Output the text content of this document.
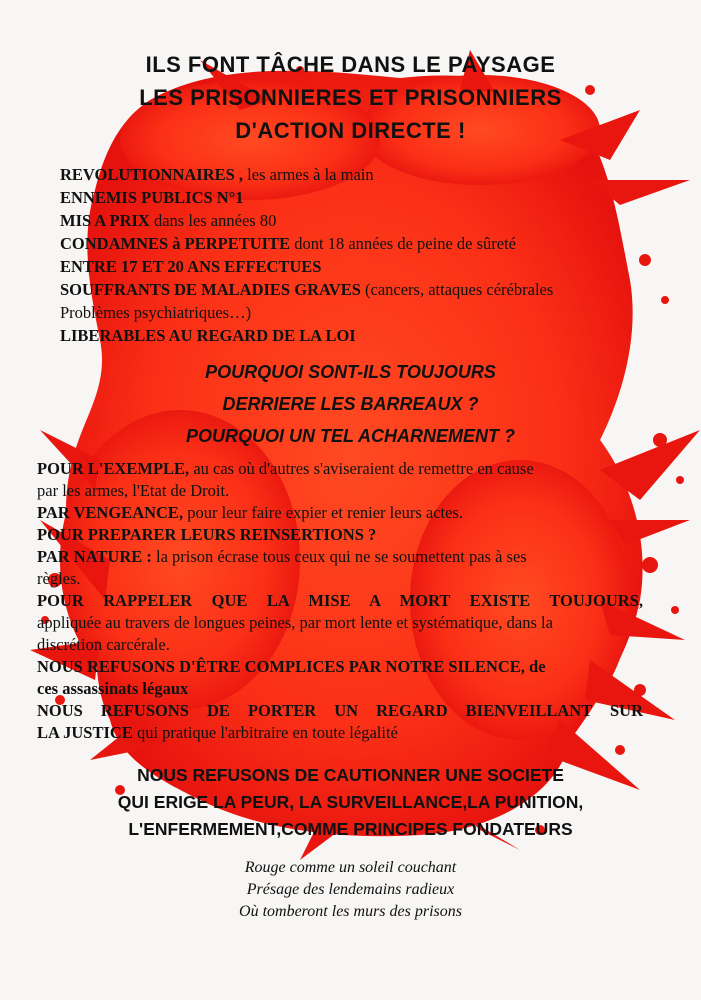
ILS FONT TÂCHE DANS LE PAYSAGE
LES PRISONNIERES ET PRISONNIERS
D'ACTION DIRECTE !
REVOLUTIONNAIRES , les armes à la main
ENNEMIS PUBLICS N°1
MIS A PRIX dans les années 80
CONDAMNES à PERPETUITE dont 18 années de peine de sûreté
ENTRE 17 ET 20 ANS EFFECTUES
SOUFFRANTS DE MALADIES GRAVES (cancers, attaques cérébrales
Problèmes psychiatriques…)
LIBERABLES AU REGARD DE LA LOI
POURQUOI SONT-ILS TOUJOURS
DERRIERE LES BARREAUX ?
POURQUOI UN TEL ACHARNEMENT ?
POUR L'EXEMPLE, au cas où d'autres s'aviseraient de remettre en cause
par les armes, l'Etat de Droit.
PAR VENGEANCE, pour leur faire expier et renier leurs actes.
POUR PREPARER LEURS REINSERTIONS ?
PAR NATURE : la prison écrase tous ceux qui ne se soumettent pas à ses
règles.
POUR RAPPELER QUE LA MISE A MORT EXISTE TOUJOURS,
appliquée au travers de longues peines, par mort lente et systématique, dans la
discrétion carcérale.
NOUS REFUSONS D'ÊTRE COMPLICES PAR NOTRE SILENCE, de
ces assassinats légaux
NOUS REFUSONS DE PORTER UN REGARD BIENVEILLANT SUR
LA JUSTICE qui pratique l'arbitraire en toute légalité
NOUS REFUSONS DE CAUTIONNER UNE SOCIETE
QUI ERIGE LA PEUR, LA SURVEILLANCE,LA PUNITION,
L'ENFERMEMENT,COMME PRINCIPES FONDATEURS
Rouge comme un soleil couchant
Présage des lendemains radieux
Où tomberont les murs des prisons
